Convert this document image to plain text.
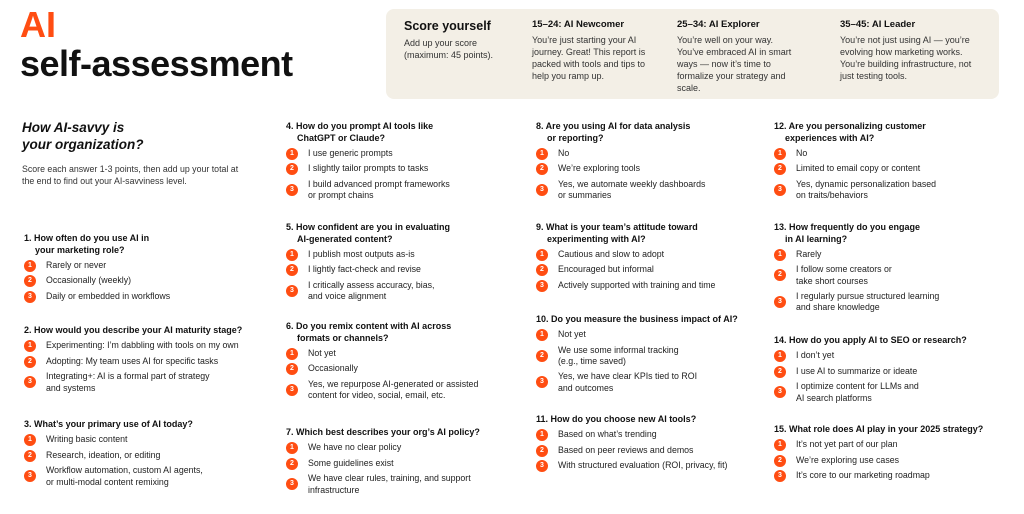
AI
self-assessment
Score yourself
Add up your score (maximum: 45 points).
15–24: AI Newcomer
You’re just starting your AI journey. Great! This report is packed with tools and tips to help you ramp up.
25–34: AI Explorer
You’re well on your way. You’ve embraced AI in smart ways — now it’s time to formalize your strategy and scale.
35–45: AI Leader
You’re not just using AI — you’re evolving how marketing works. You’re building infrastructure, not just testing tools.
How AI-savvy is
your organization?
Score each answer 1-3 points, then add up your total at the end to find out your AI-savviness level.
1. How often do you use AI in
your marketing role?
1	Rarely or never
2	Occasionally (weekly)
3	Daily or embedded in workflows
2. How would you describe your AI maturity stage?
1	Experimenting: I’m dabbling with tools on my own
2	Adopting: My team uses AI for specific tasks
3
Integrating+: AI is a formal part of strategy
and systems
3. What’s your primary use of AI today?
1	Writing basic content
2	Research, ideation, or editing
3
Workflow automation, custom AI agents,
or multi-modal content remixing
4. How do you prompt AI tools like
ChatGPT or Claude?
1	I use generic prompts
2	I slightly tailor prompts to tasks
3
I build advanced prompt frameworks
or prompt chains
5. How confident are you in evaluating
AI-generated content?
1	I publish most outputs as-is
2	I lightly fact-check and revise
3
I critically assess accuracy, bias,
and voice alignment
6. Do you remix content with AI across
formats or channels?
1	Not yet
2	Occasionally
3
Yes, we repurpose AI-generated or assisted
content for video, social, email, etc.
7. Which best describes your org’s AI policy?
1	We have no clear policy
2	Some guidelines exist
3
We have clear rules, training, and support
infrastructure
8. Are you using AI for data analysis
or reporting?
1	No
2	We’re exploring tools
3
Yes, we automate weekly dashboards
or summaries
9. What is your team’s attitude toward
experimenting with AI?
1	Cautious and slow to adopt
2	Encouraged but informal
3	Actively supported with training and time
10. Do you measure the business impact of AI?
1	Not yet
2
We use some informal tracking
(e.g., time saved)
3
Yes, we have clear KPIs tied to ROI
and outcomes
11. How do you choose new AI tools?
1	Based on what’s trending
2	Based on peer reviews and demos
3	With structured evaluation (ROI, privacy, fit)
12. Are you personalizing customer
experiences with AI?
1	No
2	Limited to email copy or content
3
Yes, dynamic personalization based
on traits/behaviors
13. How frequently do you engage
in AI learning?
1	Rarely
2
I follow some creators or
take short courses
3
I regularly pursue structured learning
and share knowledge
14. How do you apply AI to SEO or research?
1	I don’t yet
2	I use AI to summarize or ideate
3
I optimize content for LLMs and
AI search platforms
15. What role does AI play in your 2025 strategy?
1	It’s not yet part of our plan
2	We’re exploring use cases
3	It’s core to our marketing roadmap
